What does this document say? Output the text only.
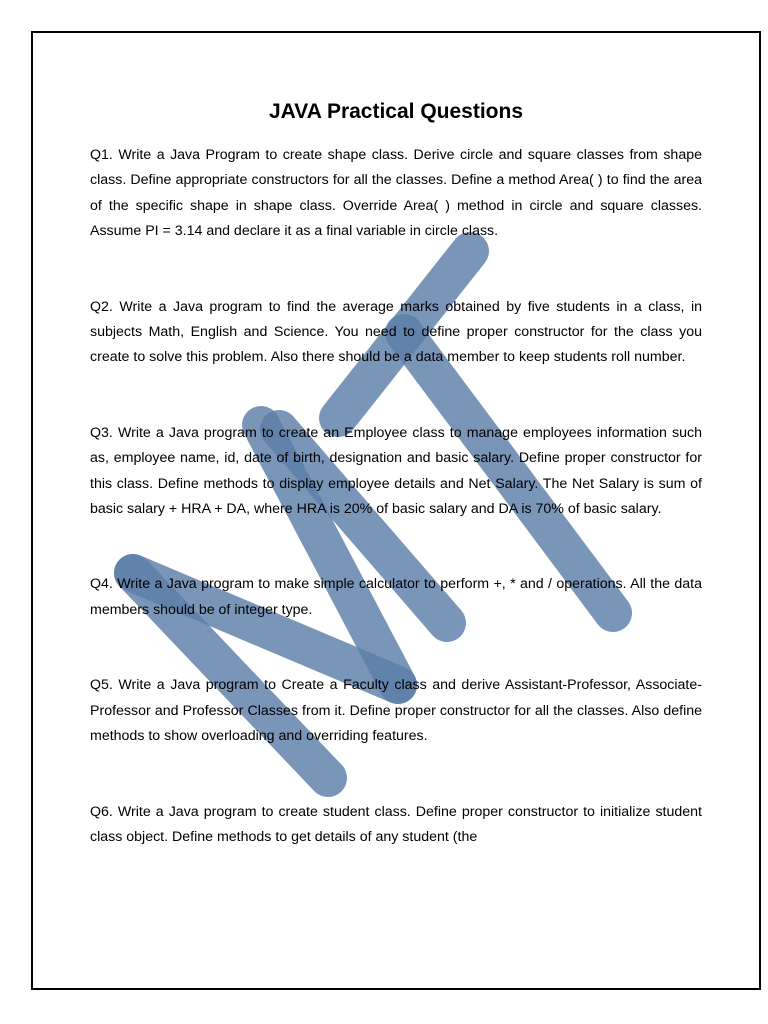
JAVA Practical Questions

Q1. Write a Java Program to create shape class. Derive circle and square classes from shape class. Define appropriate constructors for all the classes. Define a method Area( ) to find the area of the specific shape in shape class. Override Area( ) method in circle and square classes. Assume PI = 3.14 and declare it as a final variable in circle class.

Q2. Write a Java program to find the average marks obtained by five students in a class, in subjects Math, English and Science. You need to define proper constructor for the class you create to solve this problem. Also there should be a data member to keep students roll number.

Q3. Write a Java program to create an Employee class to manage employees information such as, employee name, id, date of birth, designation and basic salary. Define proper constructor for this class. Define methods to display employee details and Net Salary. The Net Salary is sum of basic salary + HRA + DA, where HRA is 20% of basic salary and DA is 70% of basic salary.

Q4. Write a Java program to make simple calculator to perform +, * and / operations. All the data members should be of integer type.

Q5. Write a Java program to Create a Faculty class and derive Assistant-Professor, Associate-Professor and Professor Classes from it. Define proper constructor for all the classes. Also define methods to show overloading and overriding features.

Q6. Write a Java program to create student class. Define proper constructor to initialize student class object. Define methods to get details of any student (the
